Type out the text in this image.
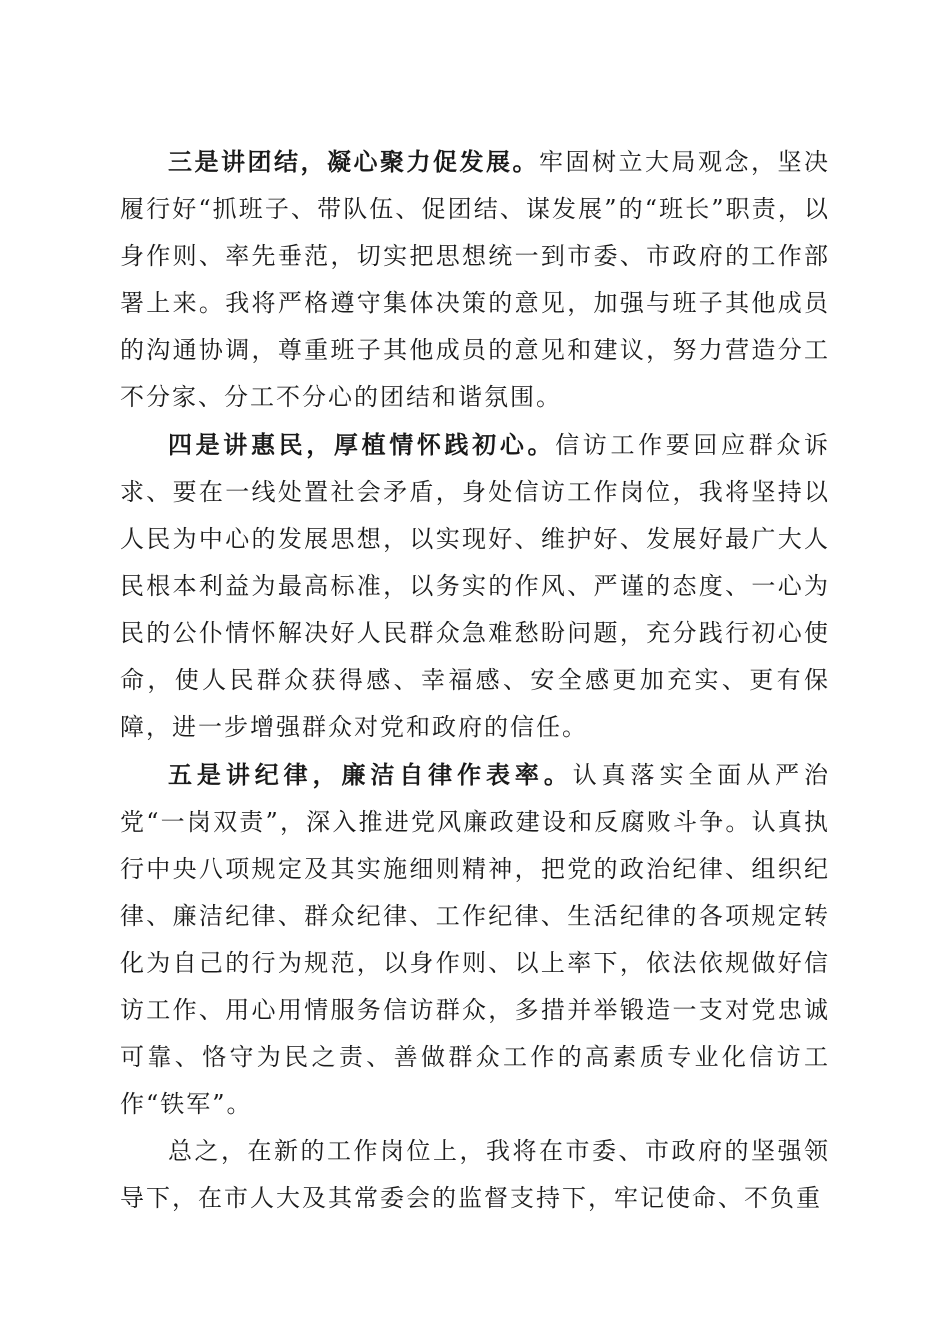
三是讲团结，凝心聚力促发展。牢固树立大局观念，坚决履行好“抓班子、带队伍、促团结、谋发展”的“班长”职责，以身作则、率先垂范，切实把思想统一到市委、市政府的工作部署上来。我将严格遵守集体决策的意见，加强与班子其他成员的沟通协调，尊重班子其他成员的意见和建议，努力营造分工不分家、分工不分心的团结和谐氛围。

四是讲惠民，厚植情怀践初心。信访工作要回应群众诉求、要在一线处置社会矛盾，身处信访工作岗位，我将坚持以人民为中心的发展思想，以实现好、维护好、发展好最广大人民根本利益为最高标准，以务实的作风、严谨的态度、一心为民的公仆情怀解决好人民群众急难愁盼问题，充分践行初心使命，使人民群众获得感、幸福感、安全感更加充实、更有保障，进一步增强群众对党和政府的信任。

五是讲纪律，廉洁自律作表率。认真落实全面从严治党“一岗双责”，深入推进党风廉政建设和反腐败斗争。认真执行中央八项规定及其实施细则精神，把党的政治纪律、组织纪律、廉洁纪律、群众纪律、工作纪律、生活纪律的各项规定转化为自己的行为规范，以身作则、以上率下，依法依规做好信访工作、用心用情服务信访群众，多措并举锻造一支对党忠诚可靠、恪守为民之责、善做群众工作的高素质专业化信访工作“铁军”。

总之，在新的工作岗位上，我将在市委、市政府的坚强领导下，在市人大及其常委会的监督支持下，牢记使命、不负重
